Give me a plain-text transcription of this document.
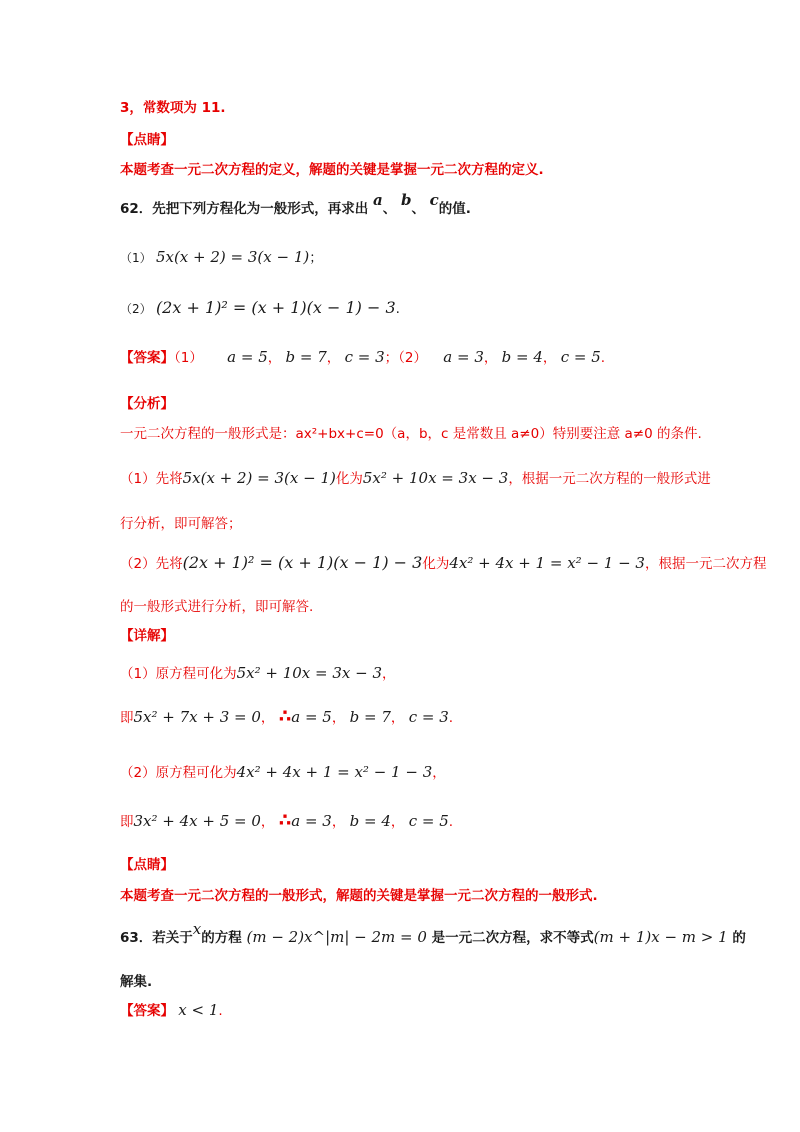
3，常数项为 11.
【点睛】
本题考查一元二次方程的定义，解题的关键是掌握一元二次方程的定义.
62．先把下列方程化为一般形式，再求出 a、 b、 c的值.
（1） 5x(x + 2) = 3(x − 1)；
（2） (2x + 1)² = (x + 1)(x − 1) − 3.
【答案】（1） a = 5， b = 7， c = 3；（2） a = 3， b = 4， c = 5.
【分析】
一元二次方程的一般形式是：ax²+bx+c=0（a，b，c 是常数且 a≠0）特别要注意 a≠0 的条件.
（1）先将5x(x + 2) = 3(x − 1)化为5x² + 10x = 3x − 3，根据一元二次方程的一般形式进
行分析，即可解答；
（2）先将(2x + 1)² = (x + 1)(x − 1) − 3化为4x² + 4x + 1 = x² − 1 − 3，根据一元二次方程
的一般形式进行分析，即可解答.
【详解】
（1）原方程可化为5x² + 10x = 3x − 3，
即5x² + 7x + 3 = 0， ∴a = 5， b = 7， c = 3.
（2）原方程可化为4x² + 4x + 1 = x² − 1 − 3，
即3x² + 4x + 5 = 0， ∴a = 3， b = 4， c = 5.
【点睛】
本题考查一元二次方程的一般形式，解题的关键是掌握一元二次方程的一般形式.
63．若关于x的方程 (m − 2)x^|m| − 2m = 0 是一元二次方程，求不等式(m + 1)x − m > 1 的
解集.
【答案】 x < 1.
